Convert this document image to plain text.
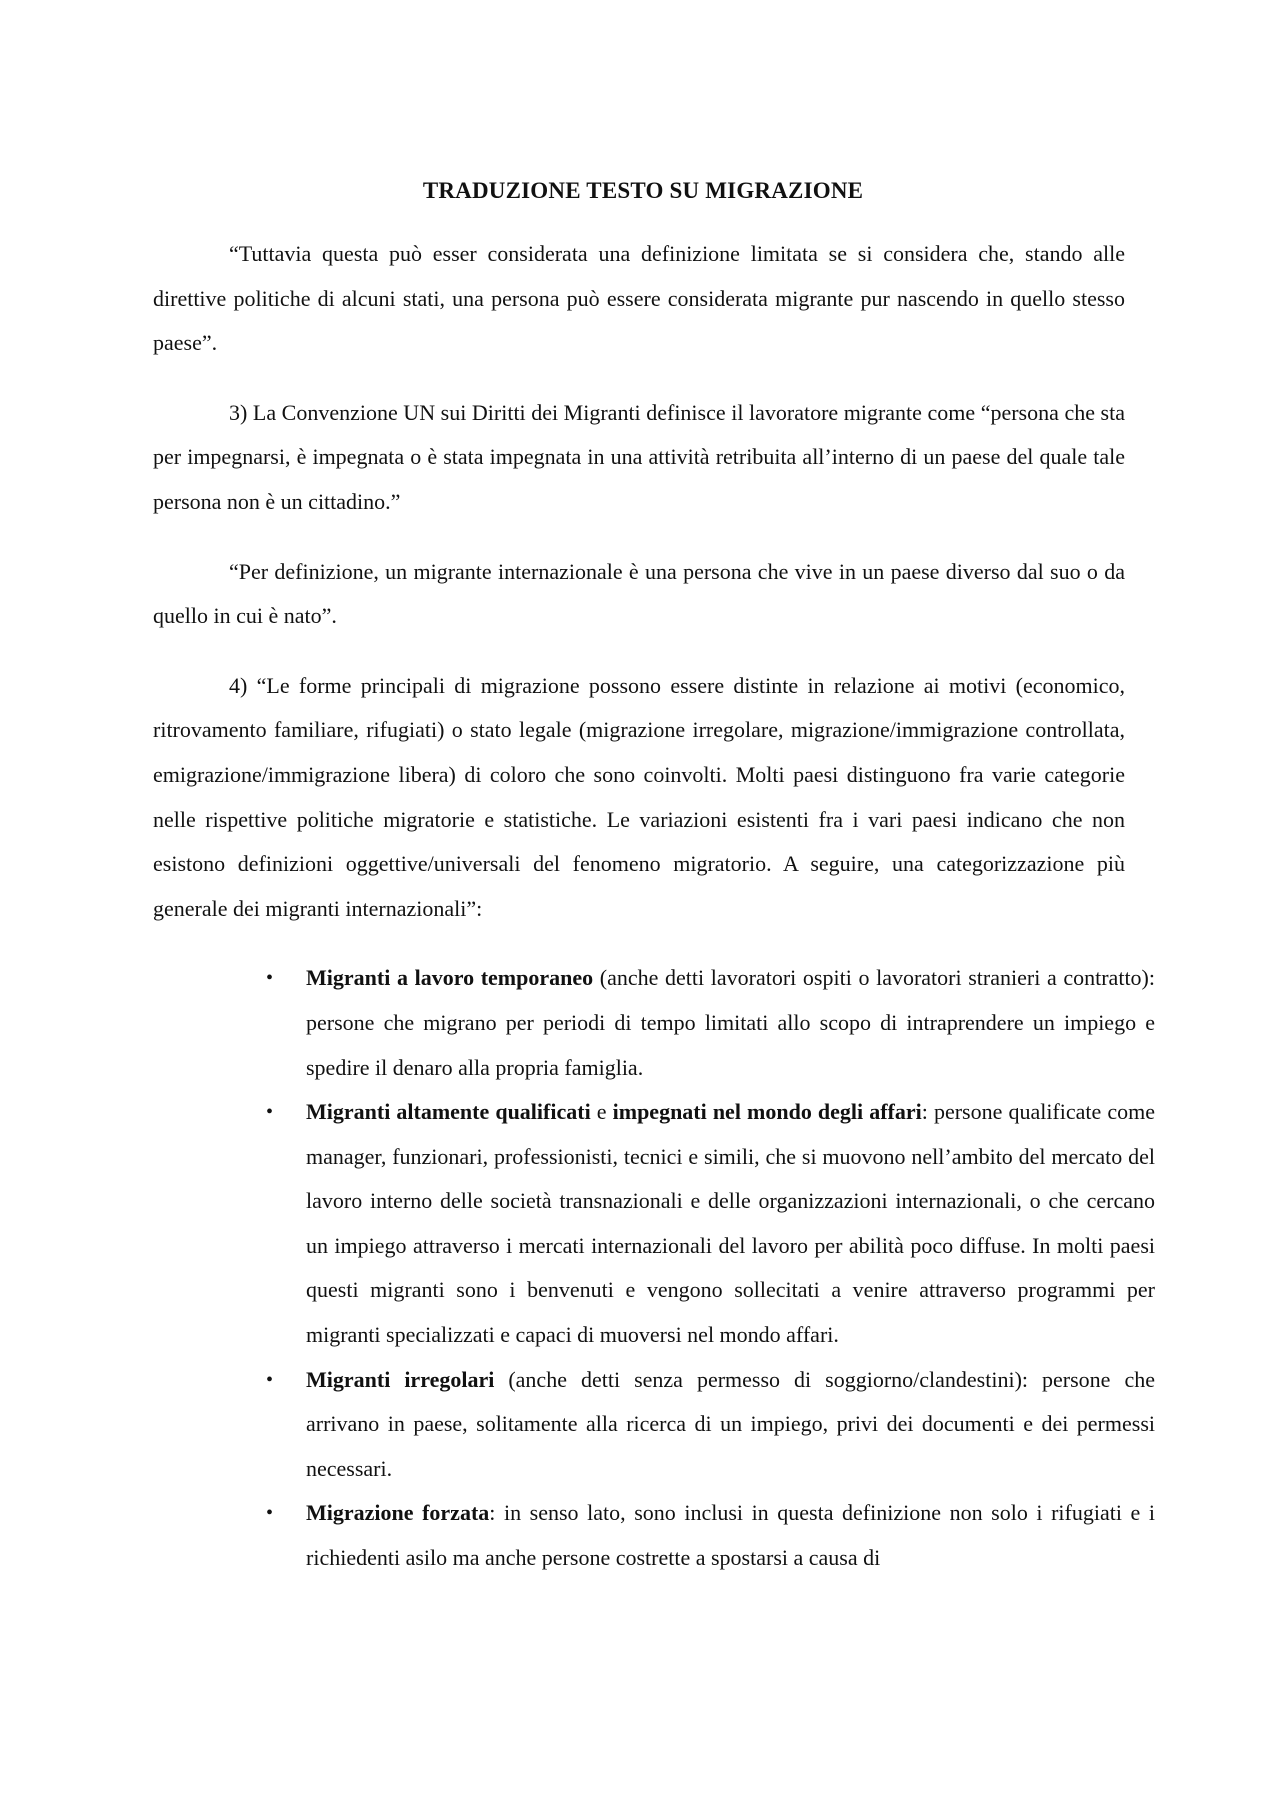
TRADUZIONE TESTO SU MIGRAZIONE

“Tuttavia questa può esser considerata una definizione limitata se si considera che, stando alle direttive politiche di alcuni stati, una persona può essere considerata migrante pur nascendo in quello stesso paese”.

3) La Convenzione UN sui Diritti dei Migranti definisce il lavoratore migrante come “persona che sta per impegnarsi, è impegnata o è stata impegnata in una attività retribuita all’interno di un paese del quale tale persona non è un cittadino.”

“Per definizione, un migrante internazionale è una persona che vive in un paese diverso dal suo o da quello in cui è nato”.

4) “Le forme principali di migrazione possono essere distinte in relazione ai motivi (economico, ritrovamento familiare, rifugiati) o stato legale (migrazione irregolare, migrazione/immigrazione controllata, emigrazione/immigrazione libera) di coloro che sono coinvolti. Molti paesi distinguono fra varie categorie nelle rispettive politiche migratorie e statistiche. Le variazioni esistenti fra i vari paesi indicano che non esistono definizioni oggettive/universali del fenomeno migratorio. A seguire, una categorizzazione più generale dei migranti internazionali”:

• Migranti a lavoro temporaneo (anche detti lavoratori ospiti o lavoratori stranieri a contratto): persone che migrano per periodi di tempo limitati allo scopo di intraprendere un impiego e spedire il denaro alla propria famiglia.
• Migranti altamente qualificati e impegnati nel mondo degli affari: persone qualificate come manager, funzionari, professionisti, tecnici e simili, che si muovono nell’ambito del mercato del lavoro interno delle società transnazionali e delle organizzazioni internazionali, o che cercano un impiego attraverso i mercati internazionali del lavoro per abilità poco diffuse. In molti paesi questi migranti sono i benvenuti e vengono sollecitati a venire attraverso programmi per migranti specializzati e capaci di muoversi nel mondo affari.
• Migranti irregolari (anche detti senza permesso di soggiorno/clandestini): persone che arrivano in paese, solitamente alla ricerca di un impiego, privi dei documenti e dei permessi necessari.
• Migrazione forzata: in senso lato, sono inclusi in questa definizione non solo i rifugiati e i richiedenti asilo ma anche persone costrette a spostarsi a causa di
